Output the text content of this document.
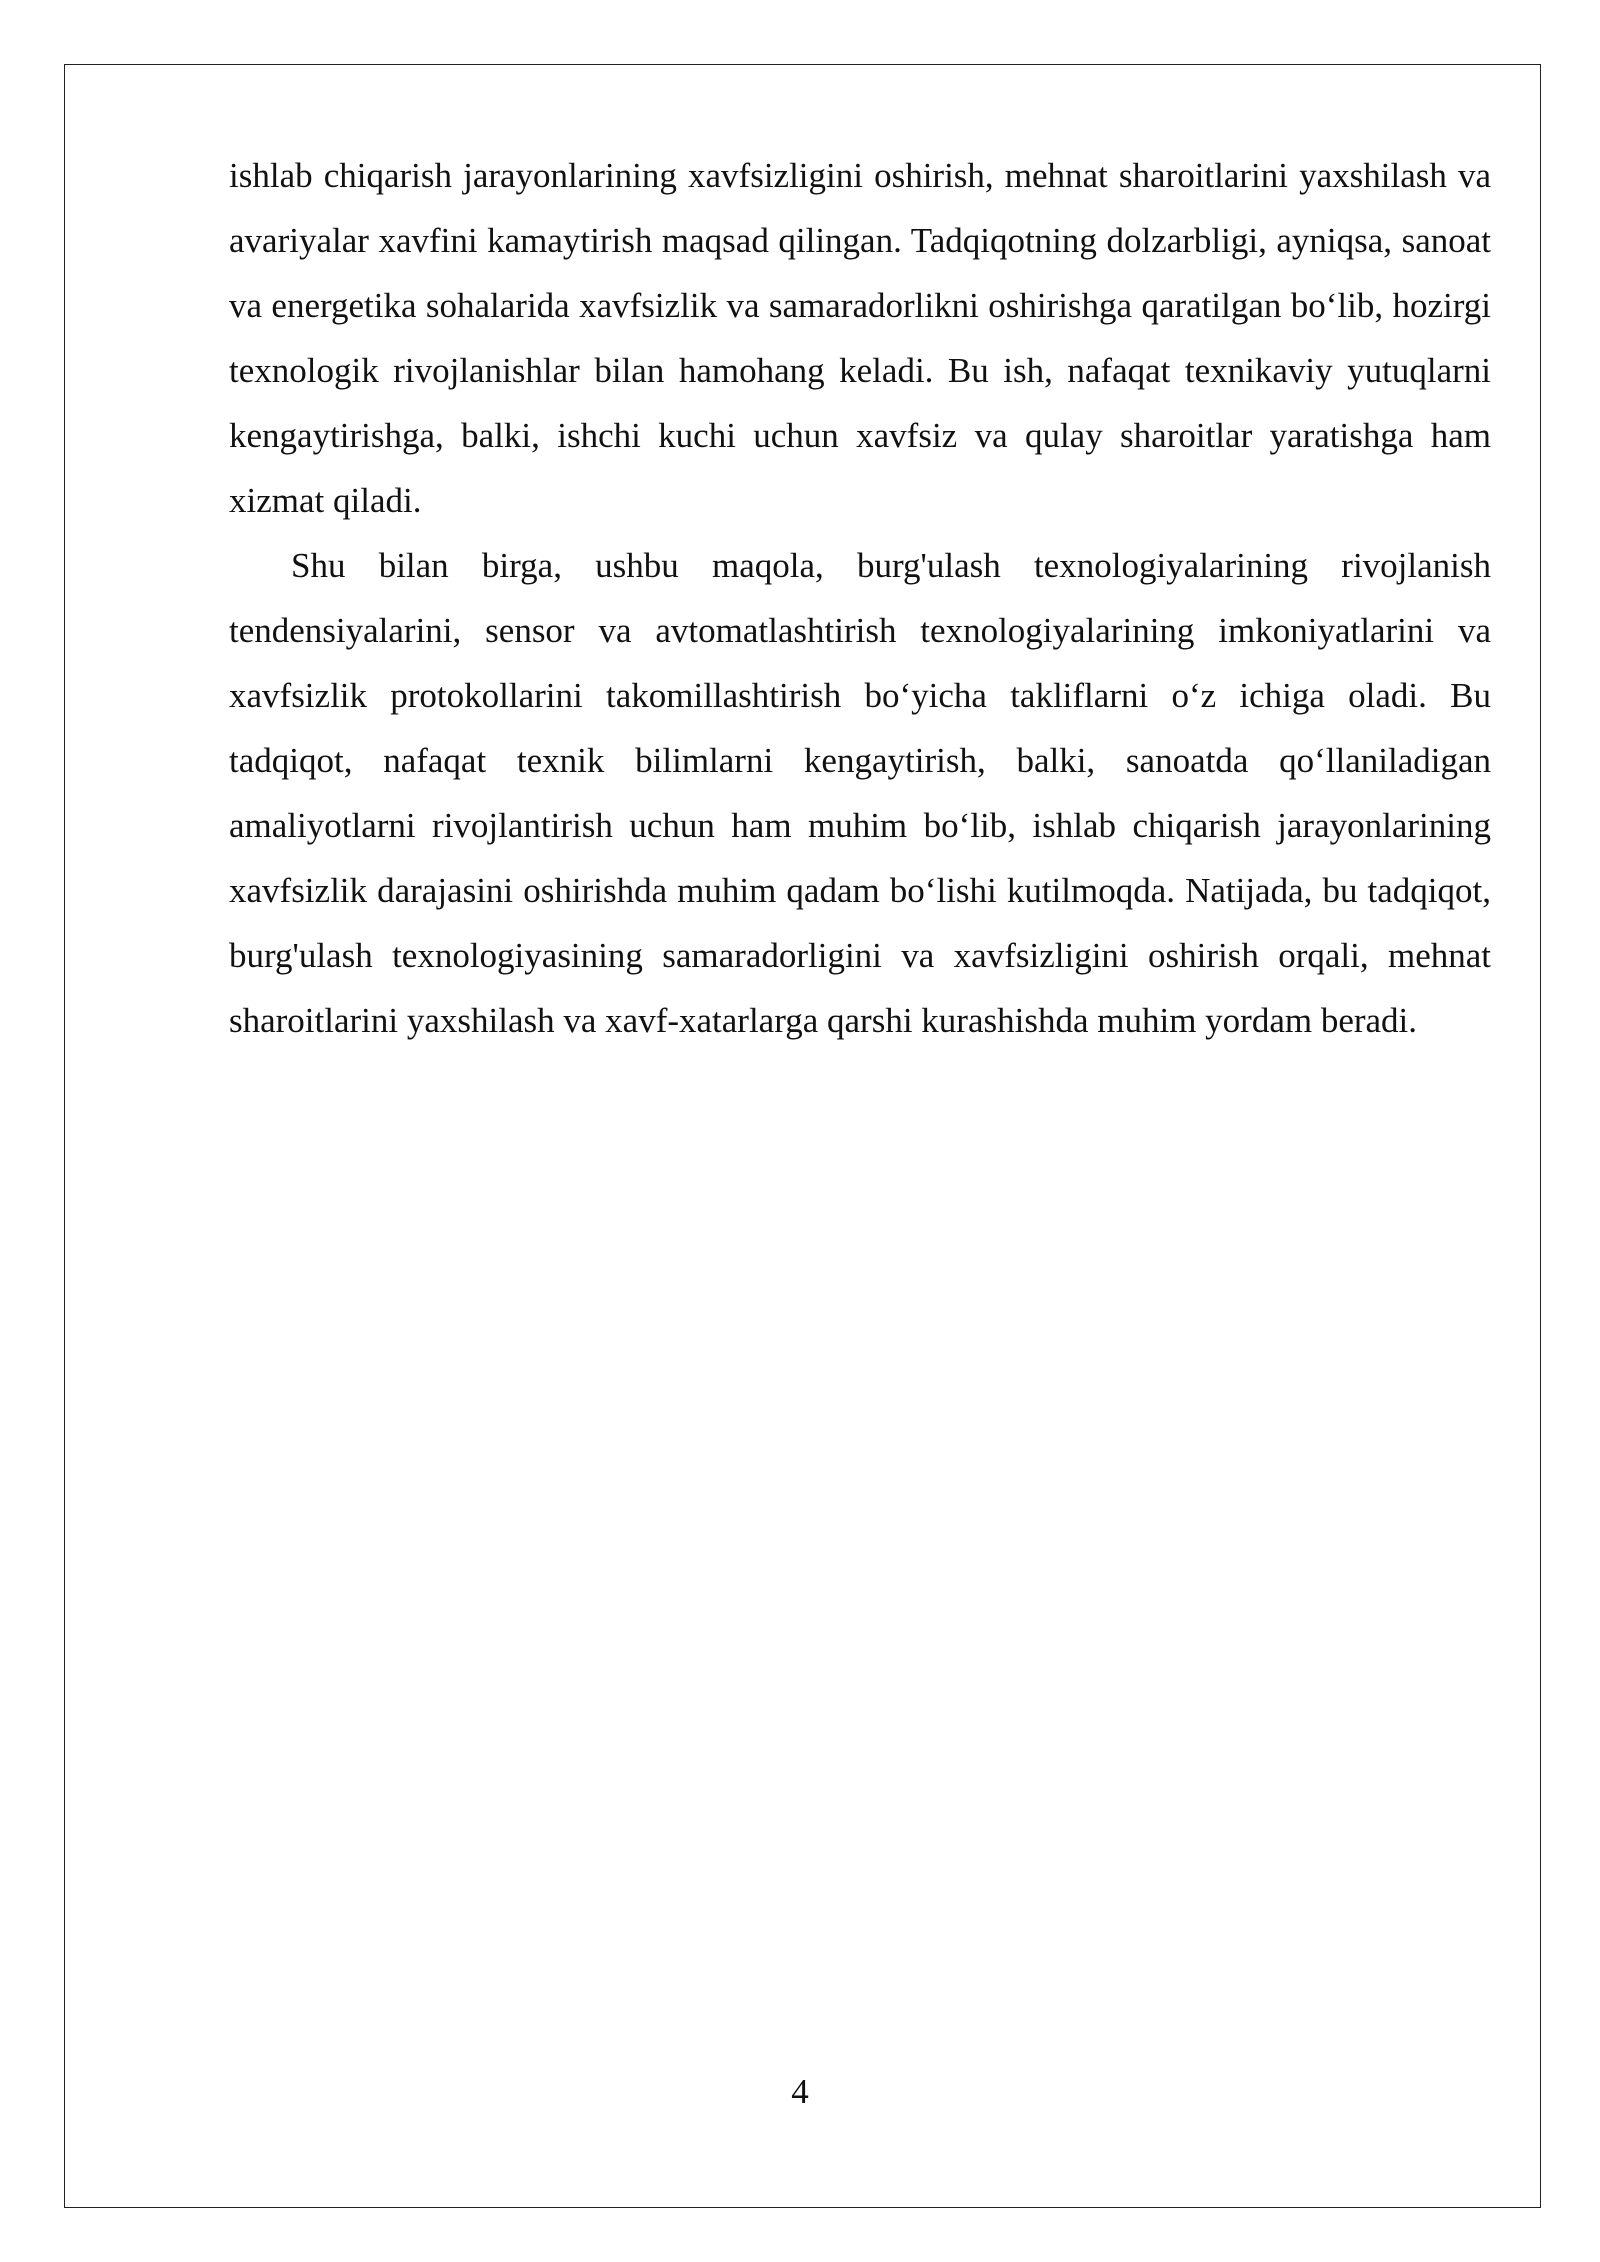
ishlab chiqarish jarayonlarining xavfsizligini oshirish, mehnat sharoitlarini yaxshilash va avariyalar xavfini kamaytirish maqsad qilingan. Tadqiqotning dolzarbligi, ayniqsa, sanoat va energetika sohalarida xavfsizlik va samaradorlikni oshirishga qaratilgan bo‘lib, hozirgi texnologik rivojlanishlar bilan hamohang keladi. Bu ish, nafaqat texnikaviy yutuqlarni kengaytirishga, balki, ishchi kuchi uchun xavfsiz va qulay sharoitlar yaratishga ham xizmat qiladi.

Shu bilan birga, ushbu maqola, burg'ulash texnologiyalarining rivojlanish tendensiyalarini, sensor va avtomatlashtirish texnologiyalarining imkoniyatlarini va xavfsizlik protokollarini takomillashtirish bo‘yicha takliflarni o‘z ichiga oladi. Bu tadqiqot, nafaqat texnik bilimlarni kengaytirish, balki, sanoatda qo‘llaniladigan amaliyotlarni rivojlantirish uchun ham muhim bo‘lib, ishlab chiqarish jarayonlarining xavfsizlik darajasini oshirishda muhim qadam bo‘lishi kutilmoqda. Natijada, bu tadqiqot, burg'ulash texnologiyasining samaradorligini va xavfsizligini oshirish orqali, mehnat sharoitlarini yaxshilash va xavf-xatarlarga qarshi kurashishda muhim yordam beradi.

4
